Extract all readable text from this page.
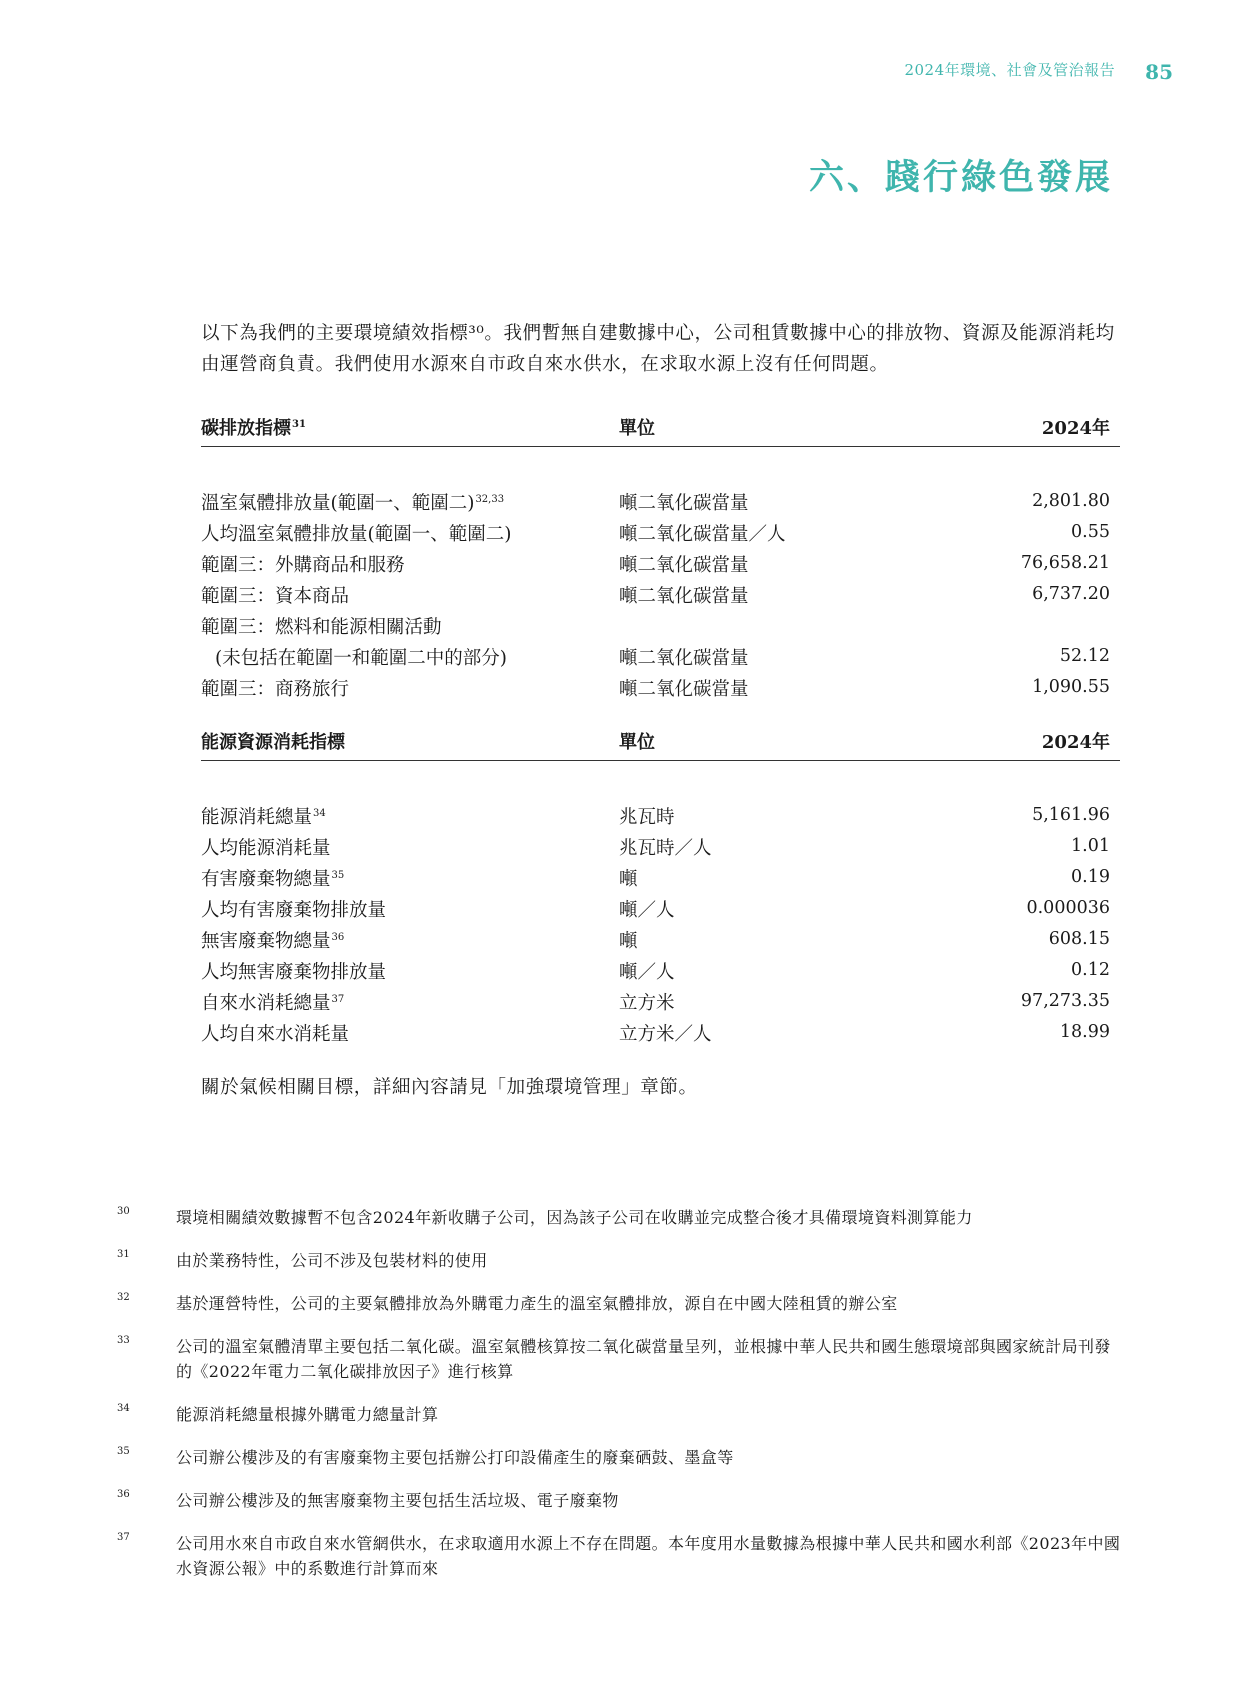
2024年環境、社會及管治報告 85
六、踐行綠色發展
以下為我們的主要環境績效指標³⁰。我們暫無自建數據中心，公司租賃數據中心的排放物、資源及能源消耗均由運營商負責。我們使用水源來自市政自來水供水，在求取水源上沒有任何問題。
碳排放指標$^{31}$	單位	2024年
溫室氣體排放量(範圍一、範圍二)$^{32,33}$	噸二氧化碳當量	2,801.80
人均溫室氣體排放量(範圍一、範圍二)	噸二氧化碳當量／人	0.55
範圍三：外購商品和服務	噸二氧化碳當量	76,658.21
範圍三：資本商品	噸二氧化碳當量	6,737.20
範圍三：燃料和能源相關活動
(未包括在範圍一和範圍二中的部分)	噸二氧化碳當量	52.12
範圍三：商務旅行	噸二氧化碳當量	1,090.55
能源資源消耗指標	單位	2024年
能源消耗總量$^{34}$	兆瓦時	5,161.96
人均能源消耗量	兆瓦時／人	1.01
有害廢棄物總量$^{35}$	噸	0.19
人均有害廢棄物排放量	噸／人	0.000036
無害廢棄物總量$^{36}$	噸	608.15
人均無害廢棄物排放量	噸／人	0.12
自來水消耗總量$^{37}$	立方米	97,273.35
人均自來水消耗量	立方米／人	18.99
關於氣候相關目標，詳細內容請見「加強環境管理」章節。
30	環境相關績效數據暫不包含2024年新收購子公司，因為該子公司在收購並完成整合後才具備環境資料測算能力
31	由於業務特性，公司不涉及包裝材料的使用
32	基於運營特性，公司的主要氣體排放為外購電力產生的溫室氣體排放，源自在中國大陸租賃的辦公室
33	公司的溫室氣體清單主要包括二氧化碳。溫室氣體核算按二氧化碳當量呈列，並根據中華人民共和國生態環境部與國家統計局刊發的《2022年電力二氧化碳排放因子》進行核算
34	能源消耗總量根據外購電力總量計算
35	公司辦公樓涉及的有害廢棄物主要包括辦公打印設備產生的廢棄硒鼓、墨盒等
36	公司辦公樓涉及的無害廢棄物主要包括生活垃圾、電子廢棄物
37	公司用水來自市政自來水管網供水，在求取適用水源上不存在問題。本年度用水量數據為根據中華人民共和國水利部《2023年中國水資源公報》中的系數進行計算而來
